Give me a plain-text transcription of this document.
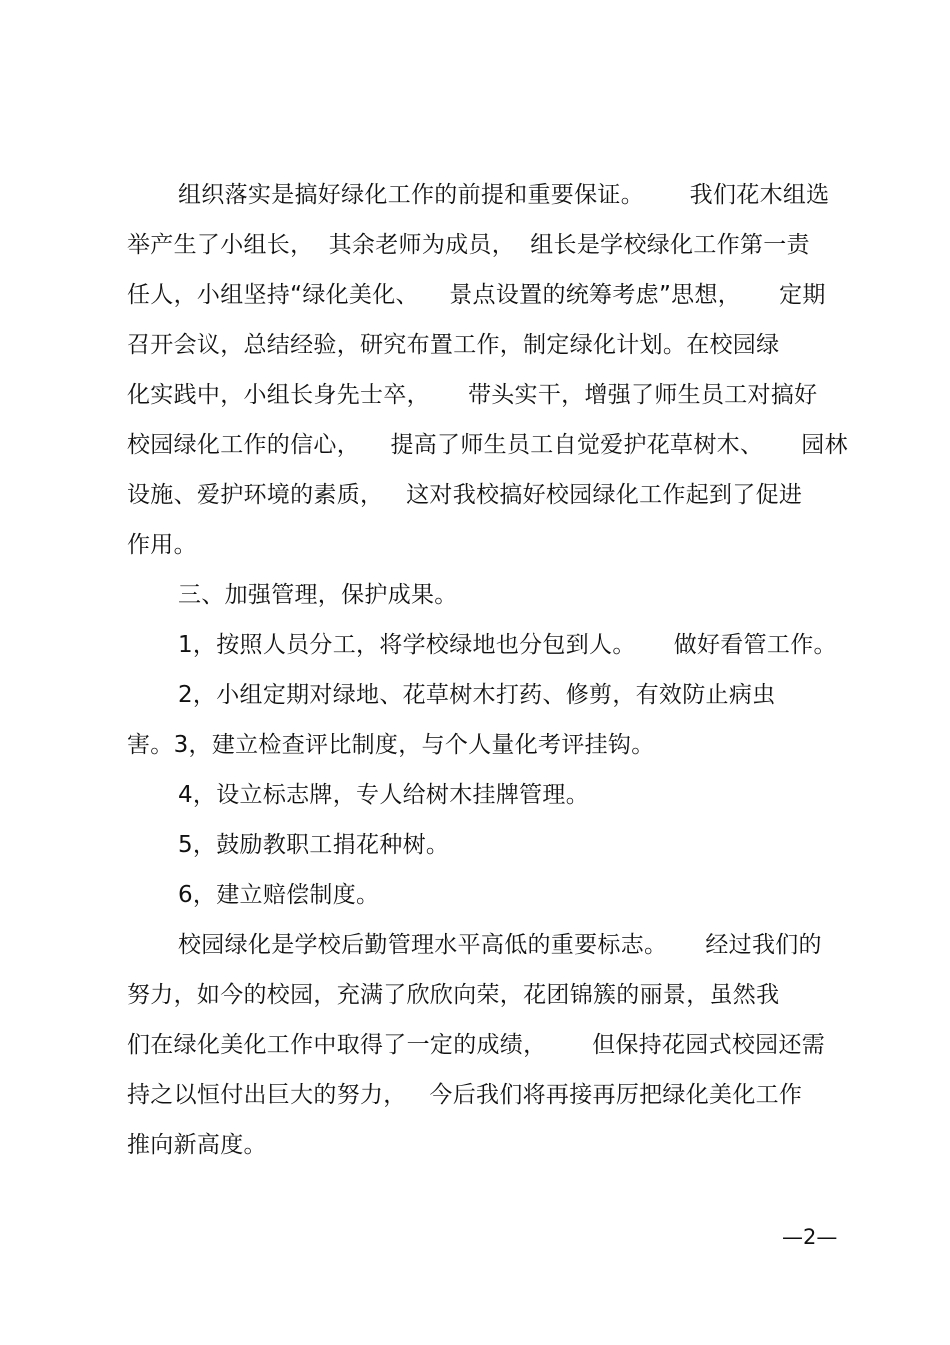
组织落实是搞好绿化工作的前提和重要保证。      我们花木组选
举产生了小组长，  其余老师为成员，  组长是学校绿化工作第一责
任人，小组坚持“绿化美化、    景点设置的统筹考虑”思想，     定期
召开会议，总结经验，研究布置工作，制定绿化计划。在校园绿
化实践中，小组长身先士卒，     带头实干，增强了师生员工对搞好
校园绿化工作的信心，    提高了师生员工自觉爱护花草树木、     园林
设施、爱护环境的素质，   这对我校搞好校园绿化工作起到了促进
作用。
三、加强管理，保护成果。
1，按照人员分工，将学校绿地也分包到人。     做好看管工作。
2，小组定期对绿地、花草树木打药、修剪，有效防止病虫
害。3，建立检查评比制度，与个人量化考评挂钩。
4，设立标志牌，专人给树木挂牌管理。
5，鼓励教职工捐花种树。
6，建立赔偿制度。
校园绿化是学校后勤管理水平高低的重要标志。     经过我们的
努力，如今的校园，充满了欣欣向荣，花团锦簇的丽景，虽然我
们在绿化美化工作中取得了一定的成绩，      但保持花园式校园还需
持之以恒付出巨大的努力，   今后我们将再接再厉把绿化美化工作
推向新高度。
—2—
